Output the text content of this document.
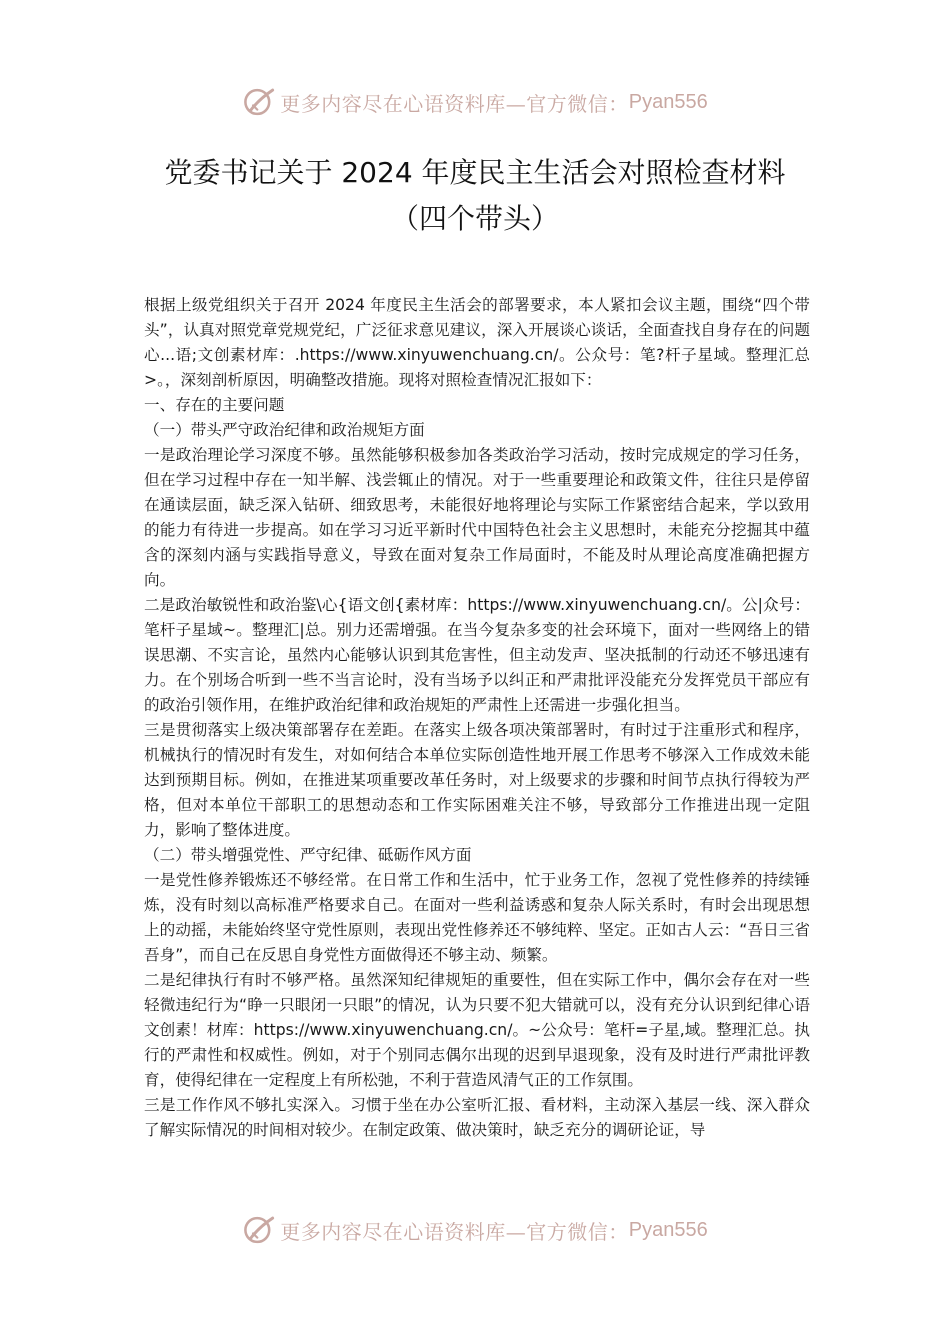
更多内容尽在心语资料库—官方微信： Pyan556
党委书记关于 2024 年度民主生活会对照检查材料
（四个带头）

根据上级党组织关于召开 2024 年度民主生活会的部署要求，本人紧扣会议主题，围绕“四个带头”，认真对照党章党规党纪，广泛征求意见建议，深入开展谈心谈话，全面查找自身存在的问题心...语;文创素材库：.https://www.xinyuwenchuang.cn/。公众号：笔?杆子星域。整理汇总>。，深刻剖析原因，明确整改措施。现将对照检查情况汇报如下：

一、存在的主要问题

（一）带头严守政治纪律和政治规矩方面

一是政治理论学习深度不够。虽然能够积极参加各类政治学习活动，按时完成规定的学习任务，但在学习过程中存在一知半解、浅尝辄止的情况。对于一些重要理论和政策文件，往往只是停留在通读层面，缺乏深入钻研、细致思考，未能很好地将理论与实际工作紧密结合起来，学以致用的能力有待进一步提高。如在学习习近平新时代中国特色社会主义思想时，未能充分挖掘其中蕴含的深刻内涵与实践指导意义，导致在面对复杂工作局面时，不能及时从理论高度准确把握方向。

二是政治敏锐性和政治鉴\心{语文创{素材库：https://www.xinyuwenchuang.cn/。公|众号：笔杆子星域~。整理汇|总。别力还需增强。在当今复杂多变的社会环境下，面对一些网络上的错误思潮、不实言论，虽然内心能够认识到其危害性，但主动发声、坚决抵制的行动还不够迅速有力。在个别场合听到一些不当言论时，没有当场予以纠正和严肃批评没能充分发挥党员干部应有的政治引领作用，在维护政治纪律和政治规矩的严肃性上还需进一步强化担当。

三是贯彻落实上级决策部署存在差距。在落实上级各项决策部署时，有时过于注重形式和程序，机械执行的情况时有发生，对如何结合本单位实际创造性地开展工作思考不够深入工作成效未能达到预期目标。例如，在推进某项重要改革任务时，对上级要求的步骤和时间节点执行得较为严格，但对本单位干部职工的思想动态和工作实际困难关注不够，导致部分工作推进出现一定阻力，影响了整体进度。

（二）带头增强党性、严守纪律、砥砺作风方面

一是党性修养锻炼还不够经常。在日常工作和生活中，忙于业务工作，忽视了党性修养的持续锤炼，没有时刻以高标准严格要求自己。在面对一些利益诱惑和复杂人际关系时，有时会出现思想上的动摇，未能始终坚守党性原则，表现出党性修养还不够纯粹、坚定。正如古人云：“吾日三省吾身”，而自己在反思自身党性方面做得还不够主动、频繁。

二是纪律执行有时不够严格。虽然深知纪律规矩的重要性，但在实际工作中，偶尔会存在对一些轻微违纪行为“睁一只眼闭一只眼”的情况，认为只要不犯大错就可以，没有充分认识到纪律心语文创素！材库：https://www.xinyuwenchuang.cn/。~公众号：笔杆=子星,域。整理汇总。执行的严肃性和权威性。例如，对于个别同志偶尔出现的迟到早退现象，没有及时进行严肃批评教育，使得纪律在一定程度上有所松弛，不利于营造风清气正的工作氛围。

三是工作作风不够扎实深入。习惯于坐在办公室听汇报、看材料，主动深入基层一线、深入群众了解实际情况的时间相对较少。在制定政策、做决策时，缺乏充分的调研论证，导

更多内容尽在心语资料库—官方微信： Pyan556
